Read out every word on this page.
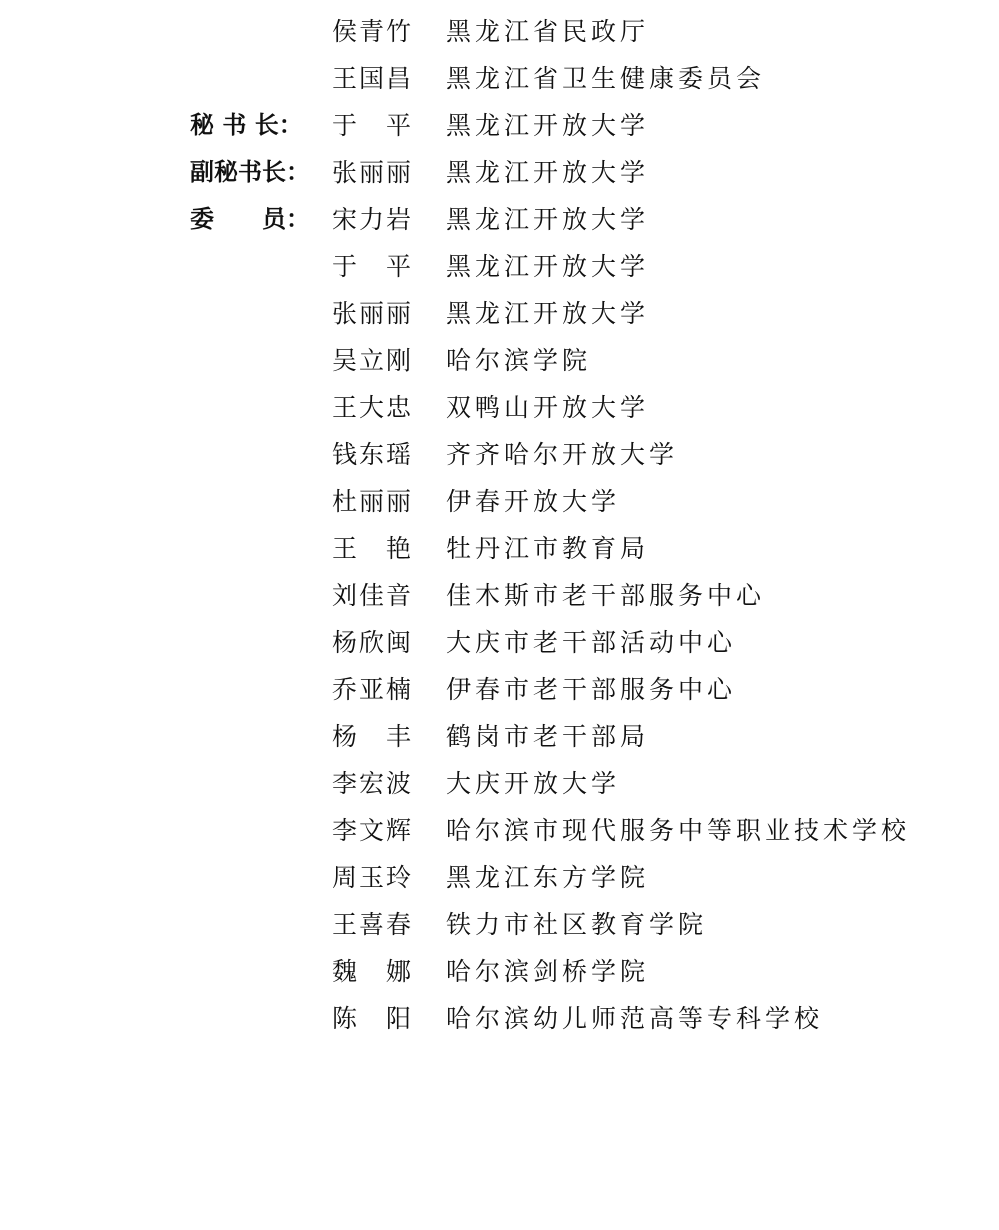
侯青竹

黑龙江省民政厅

王国昌

黑龙江省卫生健康委员会

秘 书 长：

于　平

黑龙江开放大学

副秘书长：

张丽丽

黑龙江开放大学

委　　员：

宋力岩

黑龙江开放大学

于　平

黑龙江开放大学

张丽丽

黑龙江开放大学

吴立刚

哈尔滨学院

王大忠

双鸭山开放大学

钱东瑶

齐齐哈尔开放大学

杜丽丽

伊春开放大学

王　艳

牡丹江市教育局

刘佳音

佳木斯市老干部服务中心

杨欣闽

大庆市老干部活动中心

乔亚楠

伊春市老干部服务中心

杨　丰

鹤岗市老干部局

李宏波

大庆开放大学

李文辉

哈尔滨市现代服务中等职业技术学校

周玉玲

黑龙江东方学院

王喜春

铁力市社区教育学院

魏　娜

哈尔滨剑桥学院

陈　阳

哈尔滨幼儿师范高等专科学校
